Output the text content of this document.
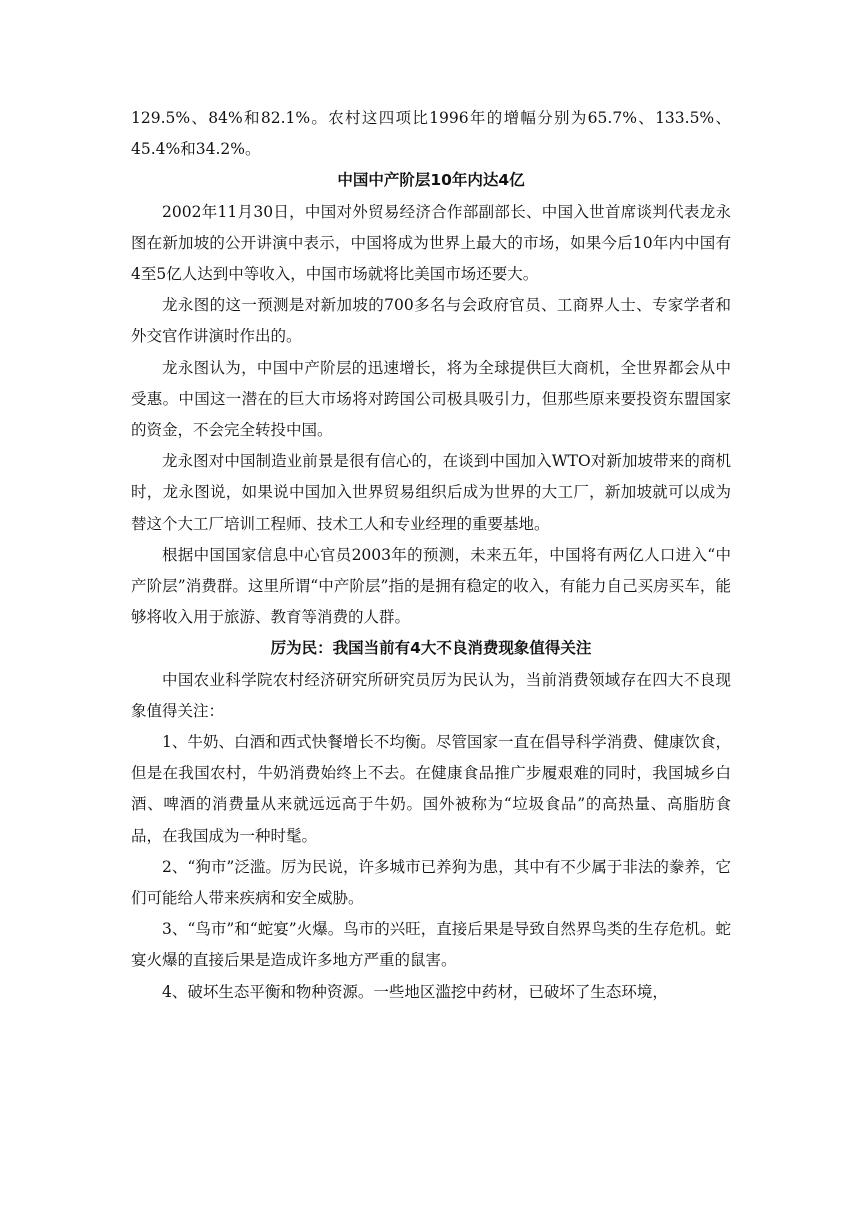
129.5%、84%和82.1%。农村这四项比1996年的增幅分别为65.7%、133.5%、45.4%和34.2%。

中国中产阶层10年内达4亿

2002年11月30日，中国对外贸易经济合作部副部长、中国入世首席谈判代表龙永图在新加坡的公开讲演中表示，中国将成为世界上最大的市场，如果今后10年内中国有4至5亿人达到中等收入，中国市场就将比美国市场还要大。

龙永图的这一预测是对新加坡的700多名与会政府官员、工商界人士、专家学者和外交官作讲演时作出的。

龙永图认为，中国中产阶层的迅速增长，将为全球提供巨大商机，全世界都会从中受惠。中国这一潜在的巨大市场将对跨国公司极具吸引力，但那些原来要投资东盟国家的资金，不会完全转投中国。

龙永图对中国制造业前景是很有信心的，在谈到中国加入WTO对新加坡带来的商机时，龙永图说，如果说中国加入世界贸易组织后成为世界的大工厂，新加坡就可以成为替这个大工厂培训工程师、技术工人和专业经理的重要基地。

根据中国国家信息中心官员2003年的预测，未来五年，中国将有两亿人口进入“中产阶层”消费群。这里所谓“中产阶层”指的是拥有稳定的收入，有能力自己买房买车，能够将收入用于旅游、教育等消费的人群。

厉为民：我国当前有4大不良消费现象值得关注

中国农业科学院农村经济研究所研究员厉为民认为，当前消费领域存在四大不良现象值得关注：

1、牛奶、白酒和西式快餐增长不均衡。尽管国家一直在倡导科学消费、健康饮食，但是在我国农村，牛奶消费始终上不去。在健康食品推广步履艰难的同时，我国城乡白酒、啤酒的消费量从来就远远高于牛奶。国外被称为“垃圾食品”的高热量、高脂肪食品，在我国成为一种时髦。

2、“狗市”泛滥。厉为民说，许多城市已养狗为患，其中有不少属于非法的豢养，它们可能给人带来疾病和安全威胁。

3、“鸟市”和“蛇宴”火爆。鸟市的兴旺，直接后果是导致自然界鸟类的生存危机。蛇宴火爆的直接后果是造成许多地方严重的鼠害。

4、破坏生态平衡和物种资源。一些地区滥挖中药材，已破坏了生态环境，
